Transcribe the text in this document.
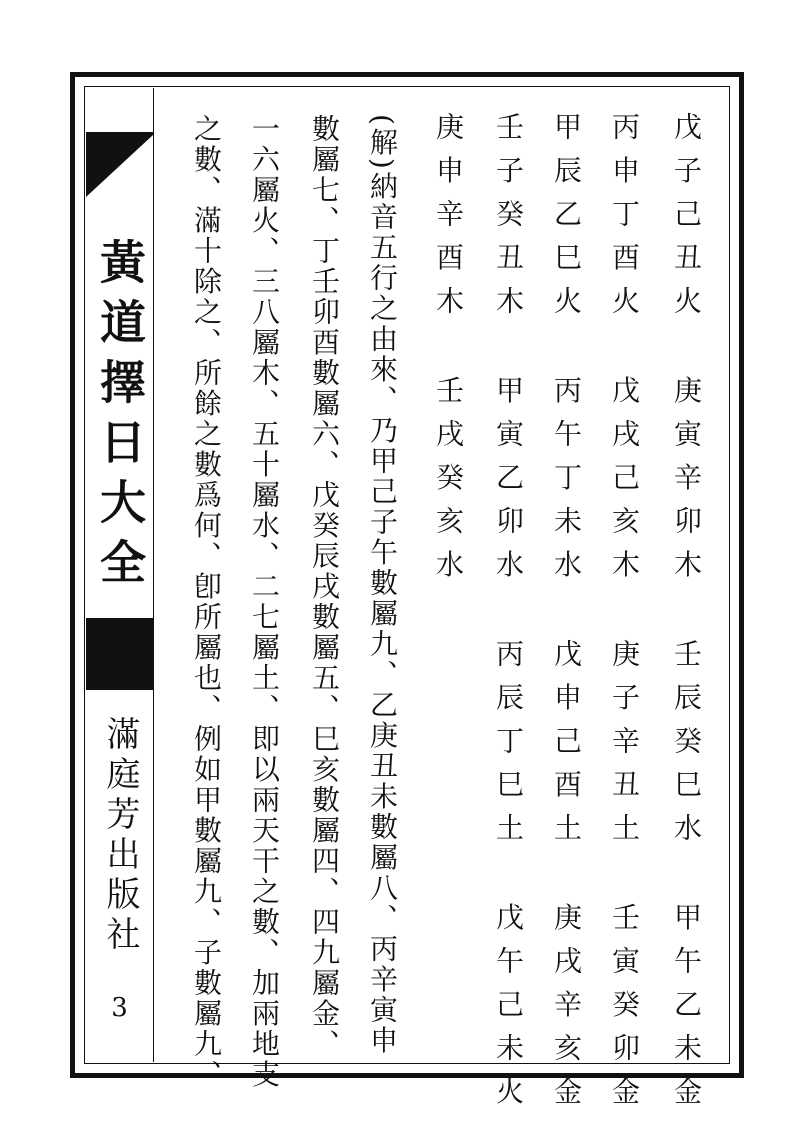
黃道擇日大全
滿庭芳出版社
3
戊子己丑火庚寅辛卯木壬辰癸巳水甲午乙未金
丙申丁酉火戊戌己亥木庚子辛丑土壬寅癸卯金
甲辰乙巳火丙午丁未水戊申己酉土庚戌辛亥金
壬子癸丑木甲寅乙卯水丙辰丁巳土戊午己未火
庚申辛酉木壬戌癸亥水
(解)納音五行之由來、乃甲己子午數屬九、乙庚丑未數屬八、丙辛寅申
數屬七、丁壬卯酉數屬六、戊癸辰戌數屬五、巳亥數屬四、四九屬金、
一六屬火、三八屬木、五十屬水、二七屬土、即以兩天干之數、加兩地支
之數、滿十除之、所餘之數爲何、卽所屬也、例如甲數屬九、子數屬九、
